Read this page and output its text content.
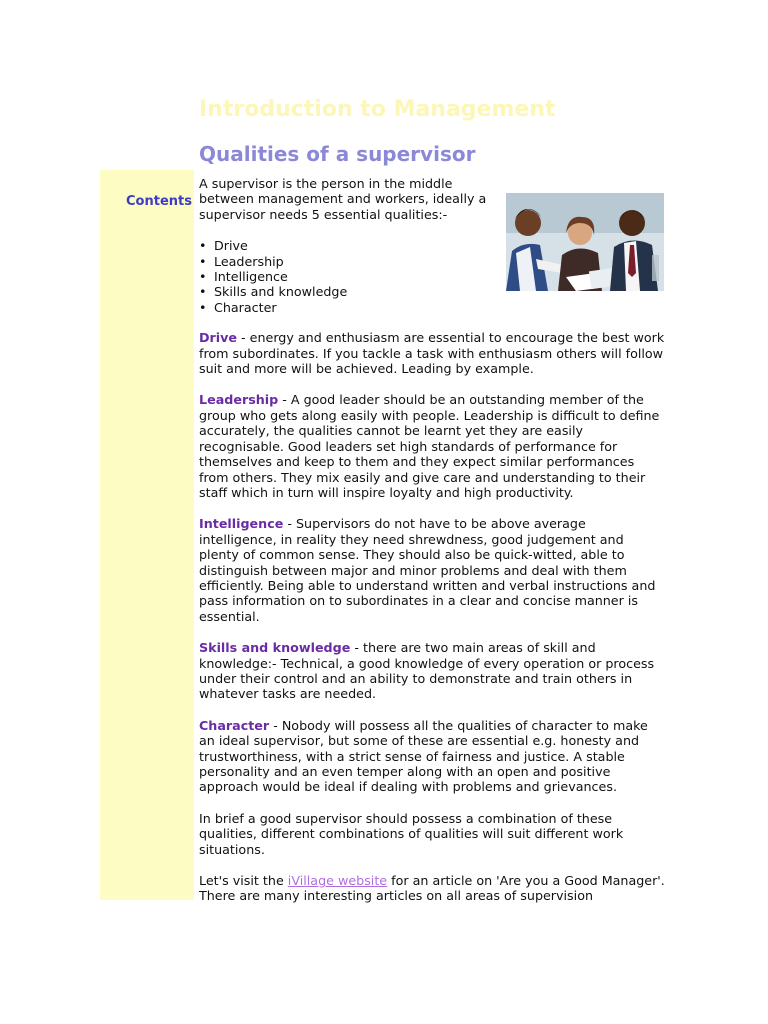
Introduction to Management
Qualities of a supervisor
Contents

A supervisor is the person in the middle between management and workers, ideally a supervisor needs 5 essential qualities:-

• Drive
• Leadership
• Intelligence
• Skills and knowledge
• Character

Drive - energy and enthusiasm are essential to encourage the best work from subordinates. If you tackle a task with enthusiasm others will follow suit and more will be achieved. Leading by example.

Leadership - A good leader should be an outstanding member of the group who gets along easily with people. Leadership is difficult to define accurately, the qualities cannot be learnt yet they are easily recognisable. Good leaders set high standards of performance for themselves and keep to them and they expect similar performances from others. They mix easily and give care and understanding to their staff which in turn will inspire loyalty and high productivity.

Intelligence - Supervisors do not have to be above average intelligence, in reality they need shrewdness, good judgement and plenty of common sense. They should also be quick-witted, able to distinguish between major and minor problems and deal with them efficiently. Being able to understand written and verbal instructions and pass information on to subordinates in a clear and concise manner is essential.

Skills and knowledge - there are two main areas of skill and knowledge:- Technical, a good knowledge of every operation or process under their control and an ability to demonstrate and train others in whatever tasks are needed.

Character - Nobody will possess all the qualities of character to make an ideal supervisor, but some of these are essential e.g. honesty and trustworthiness, with a strict sense of fairness and justice. A stable personality and an even temper along with an open and positive approach would be ideal if dealing with problems and grievances.

In brief a good supervisor should possess a combination of these qualities, different combinations of qualities will suit different work situations.

Let's visit the iVillage website for an article on 'Are you a Good Manager'. There are many interesting articles on all areas of supervision
